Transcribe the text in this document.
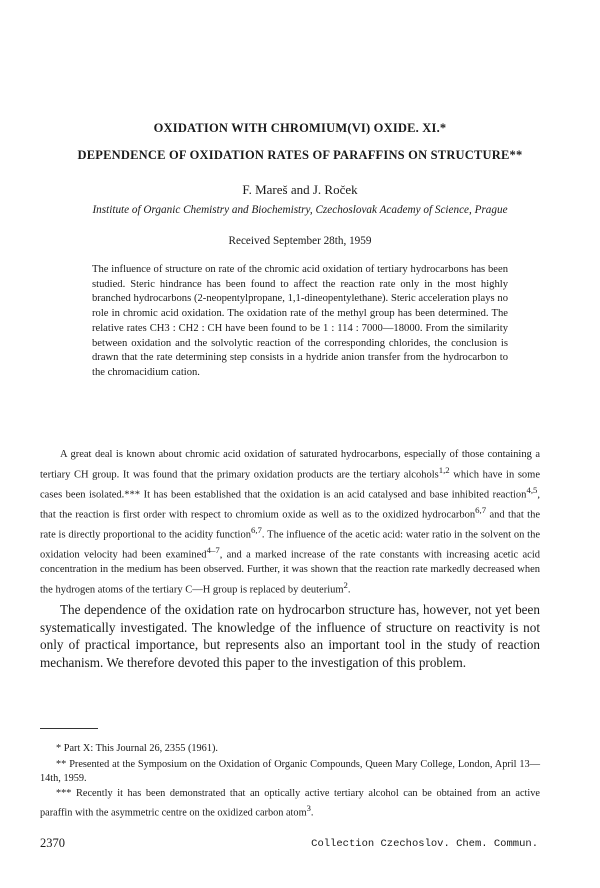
OXIDATION WITH CHROMIUM(VI) OXIDE. XI.*
DEPENDENCE OF OXIDATION RATES OF PARAFFINS ON STRUCTURE**
F. Mareš and J. Roček
Institute of Organic Chemistry and Biochemistry, Czechoslovak Academy of Science, Prague
Received September 28th, 1959

The influence of structure on rate of the chromic acid oxidation of tertiary hydrocarbons has been studied. Steric hindrance has been found to affect the reaction rate only in the most highly branched hydrocarbons (2-neopentylpropane, 1,1-dineopentylethane). Steric acceleration plays no role in chromic acid oxidation. The oxidation rate of the methyl group has been determined. The relative rates CH3 : CH2 : CH have been found to be 1 : 114 : 7000—18000. From the similarity between oxidation and the solvolytic reaction of the corresponding chlorides, the conclusion is drawn that the rate determining step consists in a hydride anion transfer from the hydrocarbon to the chromacidium cation.

A great deal is known about chromic acid oxidation of saturated hydrocarbons, especially of those containing a tertiary CH group. It was found that the primary oxidation products are the tertiary alcohols$^{1,2}$ which have in some cases been isolated.*** It has been established that the oxidation is an acid catalysed and base inhibited reaction$^{4,5}$, that the reaction is first order with respect to chromium oxide as well as to the oxidized hydrocarbon$^{6,7}$ and that the rate is directly proportional to the acidity function$^{6,7}$. The influence of the acetic acid: water ratio in the solvent on the oxidation velocity had been examined$^{4-7}$, and a marked increase of the rate constants with increasing acetic acid concentration in the medium has been observed. Further, it was shown that the reaction rate markedly decreased when the hydrogen atoms of the tertiary C—H group is replaced by deuterium$^2$.

The dependence of the oxidation rate on hydrocarbon structure has, however, not yet been systematically investigated. The knowledge of the influence of structure on reactivity is not only of practical importance, but represents also an important tool in the study of reaction mechanism. We therefore devoted this paper to the investigation of this problem.

* Part X: This Journal 26, 2355 (1961).

** Presented at the Symposium on the Oxidation of Organic Compounds, Queen Mary College, London, April 13—14th, 1959.

*** Recently it has been demonstrated that an optically active tertiary alcohol can be obtained from an active paraffin with the asymmetric centre on the oxidized carbon atom$^3$.

2370	Collection Czechoslov. Chem. Commun.
